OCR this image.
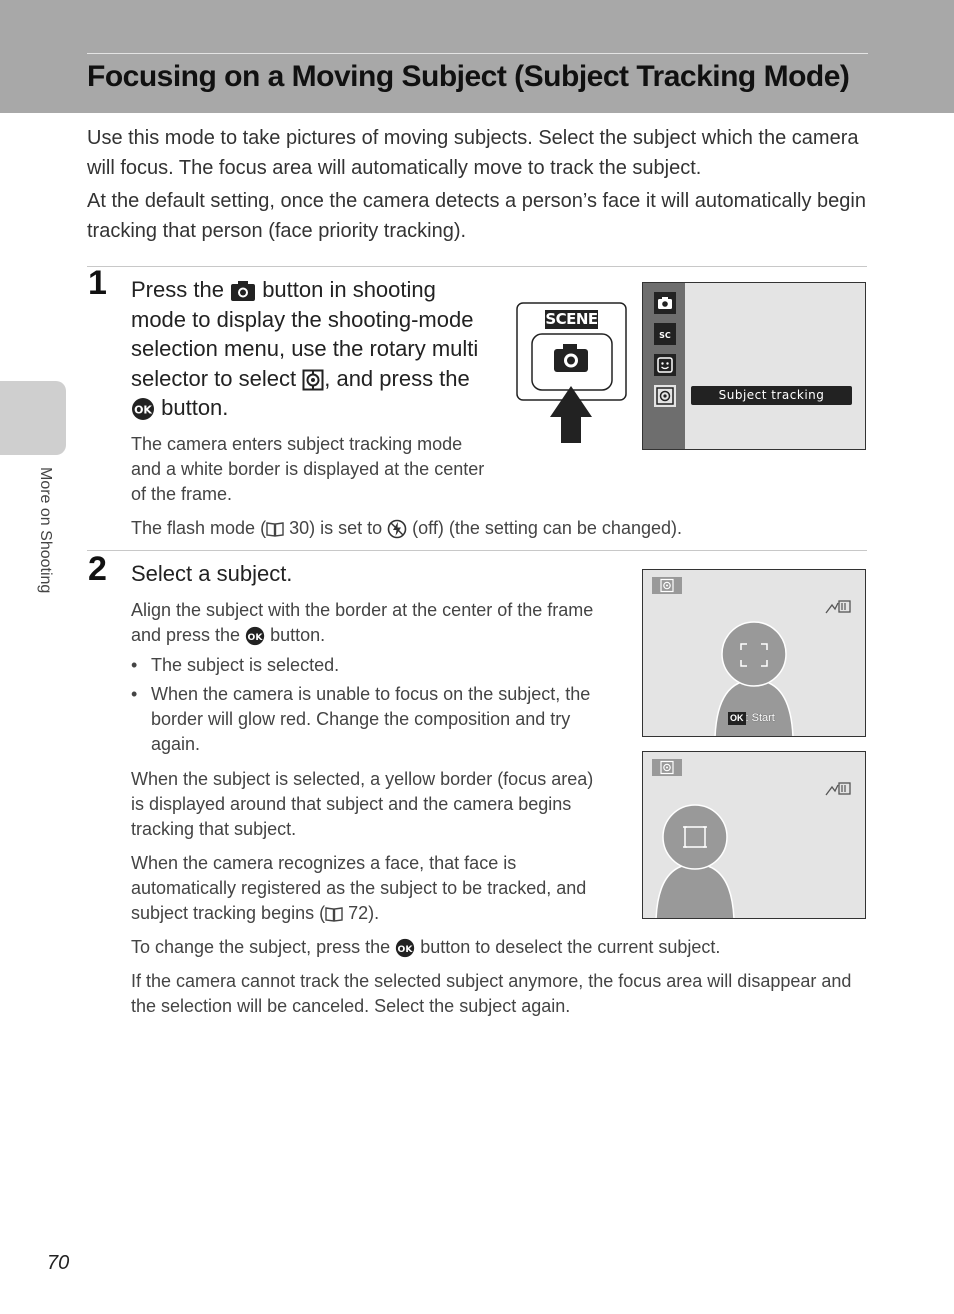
Focusing on a Moving Subject (Subject Tracking Mode)

Use this mode to take pictures of moving subjects. Select the subject which the camera will focus. The focus area will automatically move to track the subject.

At the default setting, once the camera detects a person’s face it will automatically begin tracking that person (face priority tracking).

More on Shooting
1 Press the button in shooting mode to display the shooting-mode selection menu, use the rotary multi selector to select , and press the
OK button.

The camera enters subject tracking mode and a white border is displayed at the center of the frame.

The flash mode ( 30) is set to (off) (the setting can be changed).

SCENE
SC
Subject tracking
2 Select a subject.

Align the subject with the border at the center of the frame and press the OK button.

• The subject is selected.
• When the camera is unable to focus on the subject, the border will glow red. Change the composition and try again.

When the subject is selected, a yellow border (focus area) is displayed around that subject and the camera begins tracking that subject.

When the camera recognizes a face, that face is automatically registered as the subject to be tracked, and subject tracking begins ( 72).

To change the subject, press the OK button to deselect the current subject.

If the camera cannot track the selected subject anymore, the focus area will disappear and the selection will be canceled. Select the subject again.

OK : Start
70
